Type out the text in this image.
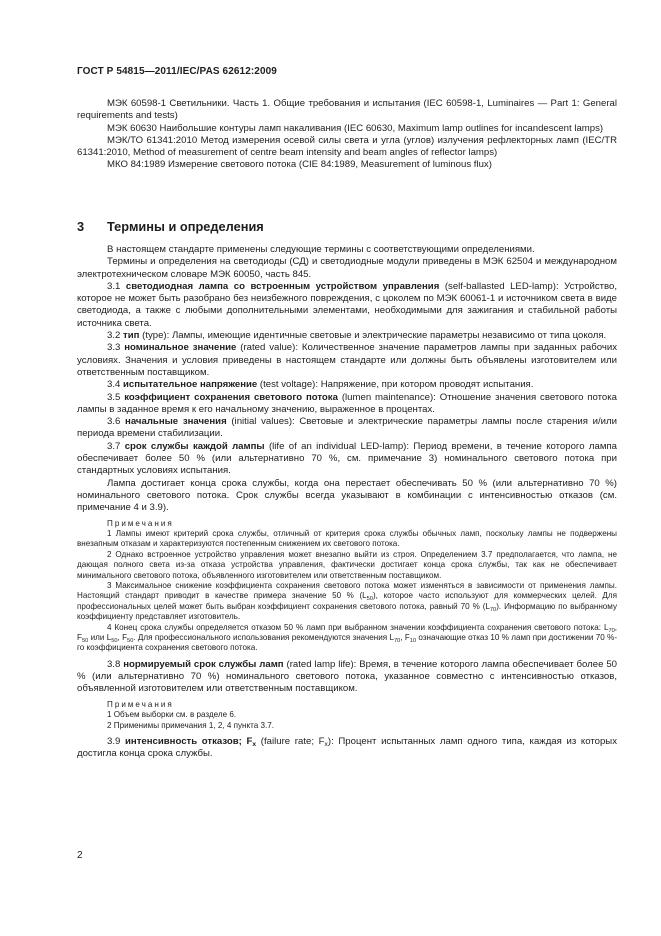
ГОСТ Р 54815—2011/IEC/PAS 62612:2009

МЭК 60598-1 Светильники. Часть 1. Общие требования и испытания (IEC 60598-1, Luminaires — Part 1: General requirements and tests)

МЭК 60630 Наибольшие контуры ламп накаливания (IEC 60630, Maximum lamp outlines for incandescent lamps)

МЭК/ТО 61341:2010 Метод измерения осевой силы света и угла (углов) излучения рефлекторных ламп (IEC/TR 61341:2010, Method of measurement of centre beam intensity and beam angles of reflector lamps)

МКО 84:1989 Измерение светового потока (CIE 84:1989, Measurement of luminous flux)

3 Термины и определения

В настоящем стандарте применены следующие термины с соответствующими определениями.

Термины и определения на светодиоды (СД) и светодиодные модули приведены в МЭК 62504 и международном электротехническом словаре МЭК 60050, часть 845.

3.1 светодиодная лампа со встроенным устройством управления (self-ballasted LED-lamp): Устройство, которое не может быть разобрано без неизбежного повреждения, с цоколем по МЭК 60061-1 и источником света в виде светодиода, а также с любыми дополнительными элементами, необходимыми для зажигания и стабильной работы источника света.

3.2 тип (type): Лампы, имеющие идентичные световые и электрические параметры независимо от типа цоколя.

3.3 номинальное значение (rated value): Количественное значение параметров лампы при заданных рабочих условиях. Значения и условия приведены в настоящем стандарте или должны быть объявлены изготовителем или ответственным поставщиком.

3.4 испытательное напряжение (test voltage): Напряжение, при котором проводят испытания.

3.5 коэффициент сохранения светового потока (lumen maintenance): Отношение значения светового потока лампы в заданное время к его начальному значению, выраженное в процентах.

3.6 начальные значения (initial values): Световые и электрические параметры лампы после старения и/или периода времени стабилизации.

3.7 срок службы каждой лампы (life of an individual LED-lamp): Период времени, в течение которого лампа обеспечивает более 50 % (или альтернативно 70 %, см. примечание 3) номинального светового потока при стандартных условиях испытания.

Лампа достигает конца срока службы, когда она перестает обеспечивать 50 % (или альтернативно 70 %) номинального светового потока. Срок службы всегда указывают в комбинации с интенсивностью отказов (см. примечание 4 и 3.9).

Примечания

1 Лампы имеют критерий срока службы, отличный от критерия срока службы обычных ламп, поскольку лампы не подвержены внезапным отказам и характеризуются постепенным снижением их светового потока.

2 Однако встроенное устройство управления может внезапно выйти из строя. Определением 3.7 предполагается, что лампа, не дающая полного света из-за отказа устройства управления, фактически достигает конца срока службы, так как не обеспечивает минимального светового потока, объявленного изготовителем или ответственным поставщиком.

3 Максимальное снижение коэффициента сохранения светового потока может изменяться в зависимости от применения лампы. Настоящий стандарт приводит в качестве примера значение 50 % $(L_{50})$, которое часто используют для коммерческих целей. Для профессиональных целей может быть выбран коэффициент сохранения светового потока, равный 70 % $(L_{70})$. Информацию по выбранному коэффициенту представляет изготовитель.

4 Конец срока службы определяется отказом 50 % ламп при выбранном значении коэффициента сохранения светового потока: $L_{70}$, $F_{50}$ или $L_{50}$, $F_{50}$. Для профессионального использования рекомендуются значения $L_{70}$, $F_{10}$ означающие отказ 10 % ламп при достижении 70 %-го коэффициента сохранения светового потока.

3.8 нормируемый срок службы ламп (rated lamp life): Время, в течение которого лампа обеспечивает более 50 % (или альтернативно 70 %) номинального светового потока, указанное совместно с интенсивностью отказов, объявленной изготовителем или ответственным поставщиком.

Примечания

1 Объем выборки см. в разделе 6.

2 Применимы примечания 1, 2, 4 пункта 3.7.

3.9 интенсивность отказов; $F_x$ (failure rate; $F_x$): Процент испытанных ламп одного типа, каждая из которых достигла конца срока службы.

2
